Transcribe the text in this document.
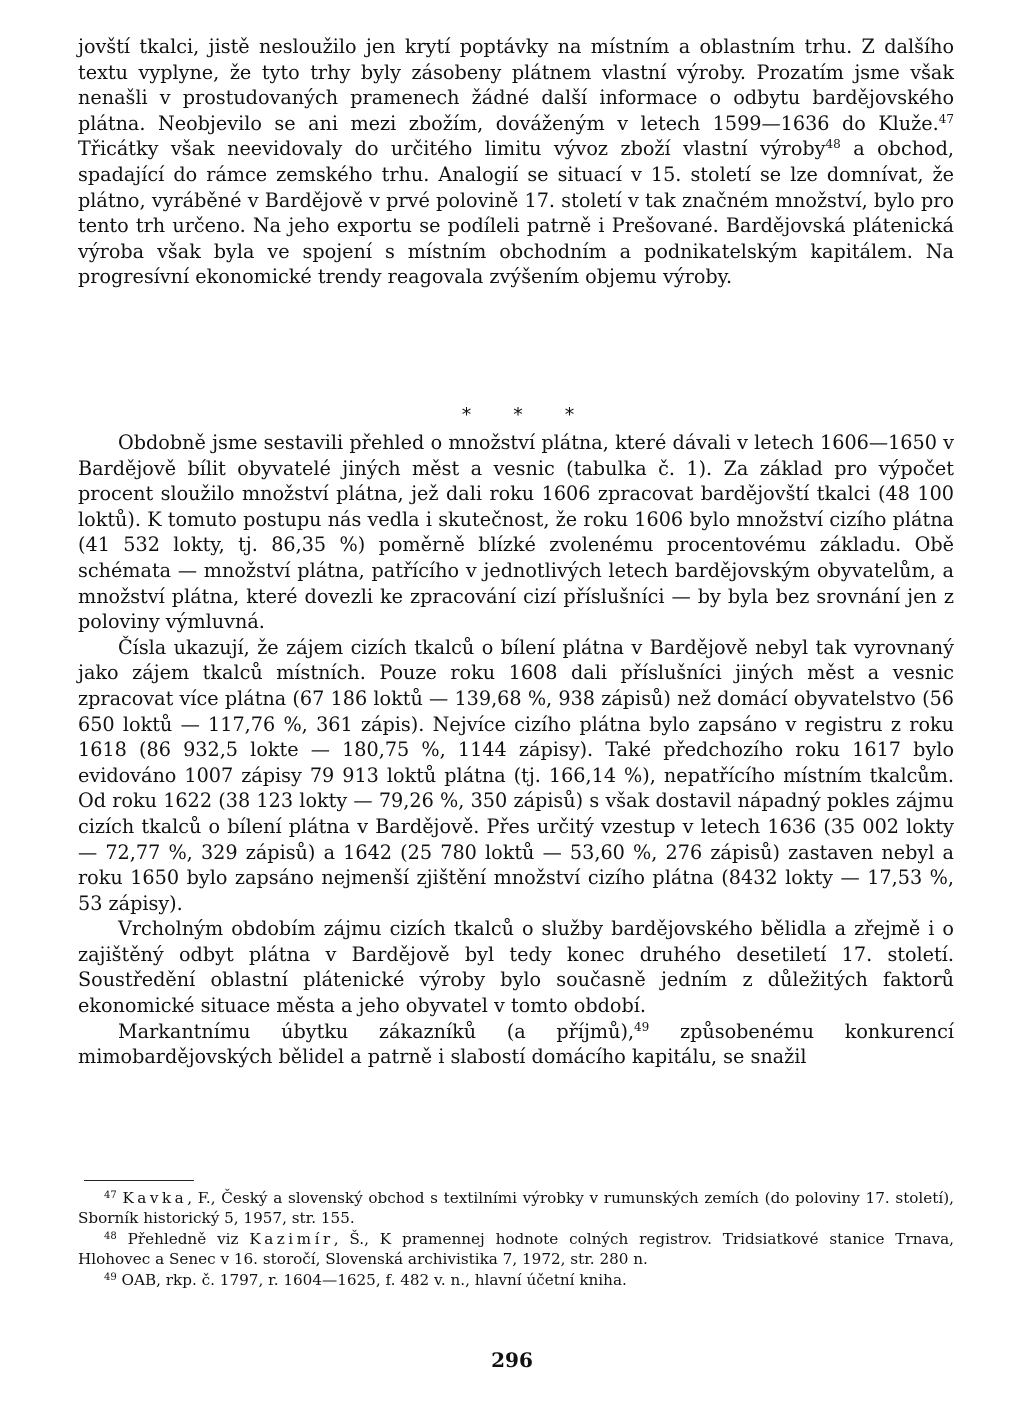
jovští tkalci, jistě nesloužilo jen krytí poptávky na místním a oblastním trhu. Z dalšího textu vyplyne, že tyto trhy byly zásobeny plátnem vlastní výroby. Prozatím jsme však nenašli v prostudovaných pramenech žádné další informace o odbytu bardějovského plátna. Neobjevilo se ani mezi zbožím, dováženým v letech 1599—1636 do Kluže.$^{47}$ Třicátky však neevidovaly do určitého limitu vývoz zboží vlastní výroby$^{48}$ a obchod, spadající do rámce zemského trhu. Analogií se situací v 15. století se lze domnívat, že plátno, vyráběné v Bardějově v prvé polovině 17. století v tak značném množství, bylo pro tento trh určeno. Na jeho exportu se podíleli patrně i Prešované. Bardějovská plátenická výroba však byla ve spojení s místním obchodním a podnikatelským kapitálem. Na progresívní ekonomické trendy reagovala zvýšením objemu výroby.

* * *

Obdobně jsme sestavili přehled o množství plátna, které dávali v letech 1606—1650 v Bardějově bílit obyvatelé jiných měst a vesnic (tabulka č. 1). Za základ pro výpočet procent sloužilo množství plátna, jež dali roku 1606 zpracovat bardějovští tkalci (48 100 loktů). K tomuto postupu nás vedla i skutečnost, že roku 1606 bylo množství cizího plátna (41 532 lokty, tj. 86,35 %) poměrně blízké zvolenému procentovému základu. Obě schémata — množství plátna, patřícího v jednotlivých letech bardějovským obyvatelům, a množství plátna, které dovezli ke zpracování cizí příslušníci — by byla bez srovnání jen z poloviny výmluvná.

Čísla ukazují, že zájem cizích tkalců o bílení plátna v Bardějově nebyl tak vyrovnaný jako zájem tkalců místních. Pouze roku 1608 dali příslušníci jiných měst a vesnic zpracovat více plátna (67 186 loktů — 139,68 %, 938 zápisů) než domácí obyvatelstvo (56 650 loktů — 117,76 %, 361 zápis). Nejvíce cizího plátna bylo zapsáno v registru z roku 1618 (86 932,5 lokte — 180,75 %, 1144 zápisy). Také předchozího roku 1617 bylo evidováno 1007 zápisy 79 913 loktů plátna (tj. 166,14 %), nepatřícího místním tkalcům. Od roku 1622 (38 123 lokty — 79,26 %, 350 zápisů) s však dostavil nápadný pokles zájmu cizích tkalců o bílení plátna v Bardějově. Přes určitý vzestup v letech 1636 (35 002 lokty — 72,77 %, 329 zápisů) a 1642 (25 780 loktů — 53,60 %, 276 zápisů) zastaven nebyl a roku 1650 bylo zapsáno nejmenší zjištění množství cizího plátna (8432 lokty — 17,53 %, 53 zápisy).

Vrcholným obdobím zájmu cizích tkalců o služby bardějovského bělidla a zřejmě i o zajištěný odbyt plátna v Bardějově byl tedy konec druhého desetiletí 17. století. Soustředění oblastní plátenické výroby bylo současně jedním z důležitých faktorů ekonomické situace města a jeho obyvatel v tomto období.

Markantnímu úbytku zákazníků (a příjmů),$^{49}$ způsobenému konkurencí mimobardějovských bělidel a patrně i slabostí domácího kapitálu, se snažil

$^{47}$ Kavka, F., Český a slovenský obchod s textilními výrobky v rumunských zemích (do poloviny 17. století), Sborník historický 5, 1957, str. 155.

$^{48}$ Přehledně viz Kazimír, Š., K pramennej hodnote colných registrov. Tridsiatkové stanice Trnava, Hlohovec a Senec v 16. storočí, Slovenská archivistika 7, 1972, str. 280 n.

$^{49}$ OAB, rkp. č. 1797, r. 1604—1625, f. 482 v. n., hlavní účetní kniha.

296
